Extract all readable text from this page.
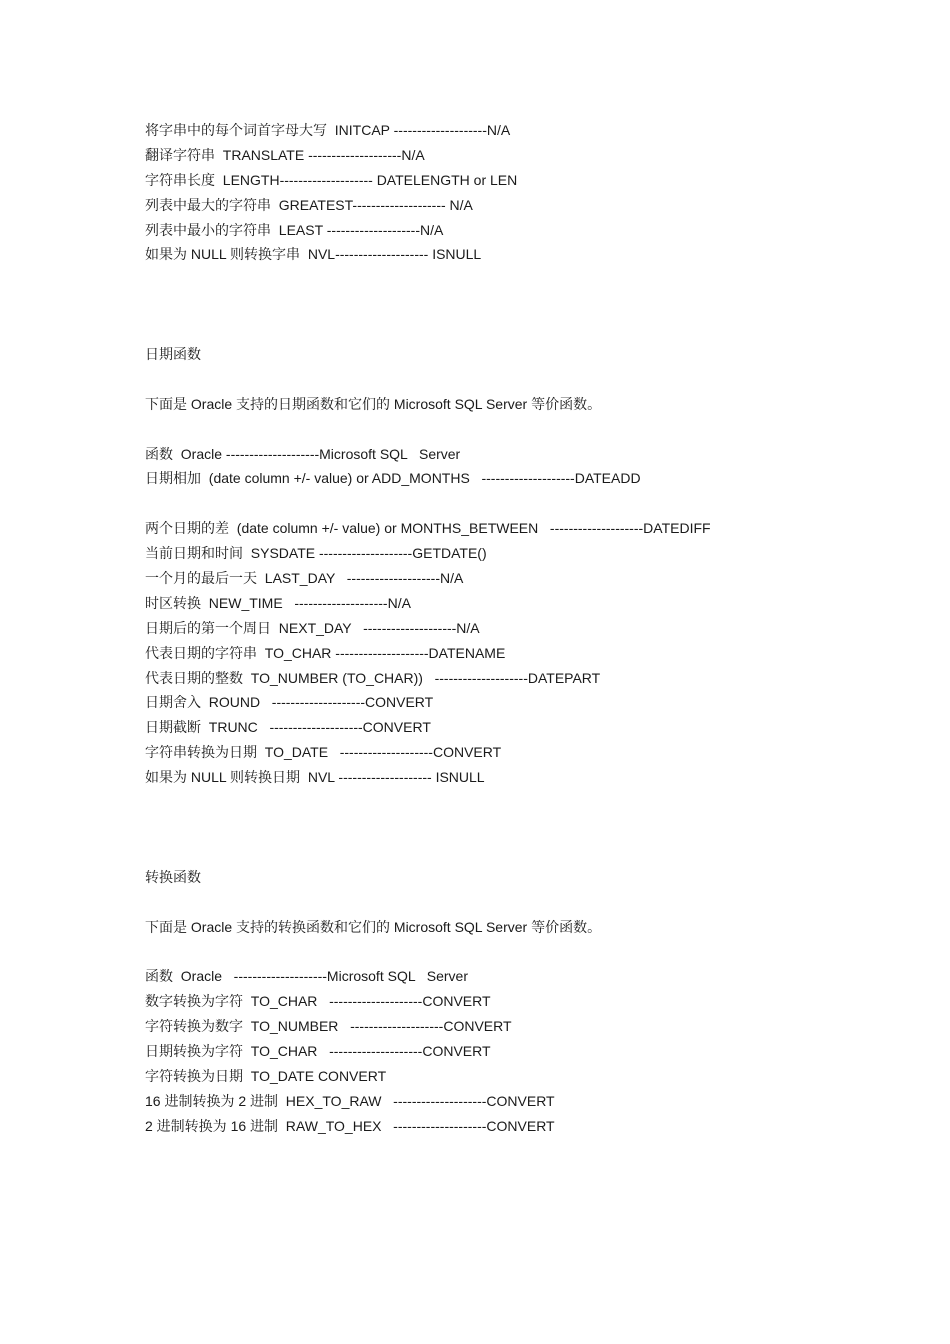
将字串中的每个词首字母大写  INITCAP --------------------N/A

翻译字符串  TRANSLATE --------------------N/A

字符串长度  LENGTH-------------------- DATELENGTH or LEN

列表中最大的字符串  GREATEST-------------------- N/A

列表中最小的字符串  LEAST --------------------N/A

如果为 NULL 则转换字串  NVL-------------------- ISNULL

日期函数

下面是 Oracle 支持的日期函数和它们的 Microsoft SQL Server 等价函数。

函数  Oracle --------------------Microsoft SQL   Server

日期相加  (date column +/- value) or ADD_MONTHS   --------------------DATEADD

两个日期的差  (date column +/- value) or MONTHS_BETWEEN   --------------------DATEDIFF

当前日期和时间  SYSDATE --------------------GETDATE()

一个月的最后一天  LAST_DAY   --------------------N/A

时区转换  NEW_TIME   --------------------N/A

日期后的第一个周日  NEXT_DAY   --------------------N/A

代表日期的字符串  TO_CHAR --------------------DATENAME

代表日期的整数  TO_NUMBER (TO_CHAR))   --------------------DATEPART

日期舍入  ROUND   --------------------CONVERT

日期截断  TRUNC   --------------------CONVERT

字符串转换为日期  TO_DATE   --------------------CONVERT

如果为 NULL 则转换日期  NVL -------------------- ISNULL

转换函数

下面是 Oracle 支持的转换函数和它们的 Microsoft SQL Server 等价函数。

函数  Oracle   --------------------Microsoft SQL   Server

数字转换为字符  TO_CHAR   --------------------CONVERT

字符转换为数字  TO_NUMBER   --------------------CONVERT

日期转换为字符  TO_CHAR   --------------------CONVERT

字符转换为日期  TO_DATE CONVERT

16 进制转换为 2 进制  HEX_TO_RAW   --------------------CONVERT

2 进制转换为 16 进制  RAW_TO_HEX   --------------------CONVERT
